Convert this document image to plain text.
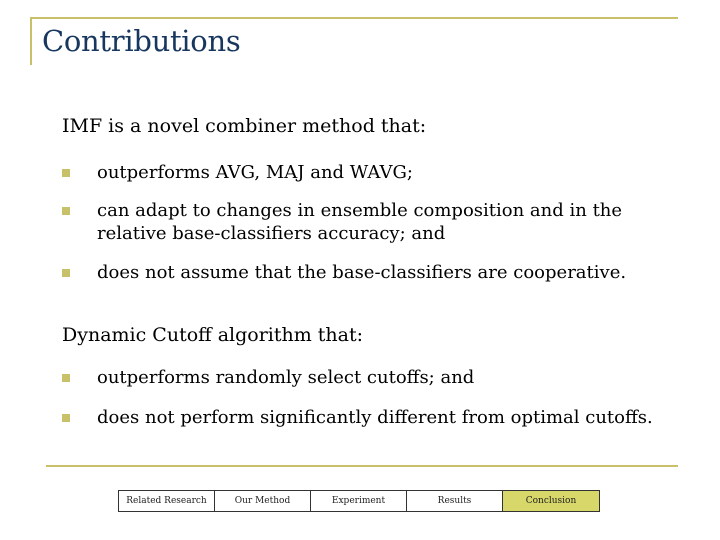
Contributions
IMF is a novel combiner method that:
outperforms AVG, MAJ and WAVG;
can adapt to changes in ensemble composition and in the relative base-classifiers accuracy; and
does not assume that the base-classifiers are cooperative.
Dynamic Cutoff algorithm that:
outperforms randomly select cutoffs; and
does not perform significantly different from optimal cutoffs.
Related Research	Our Method	Experiment	Results	Conclusion
